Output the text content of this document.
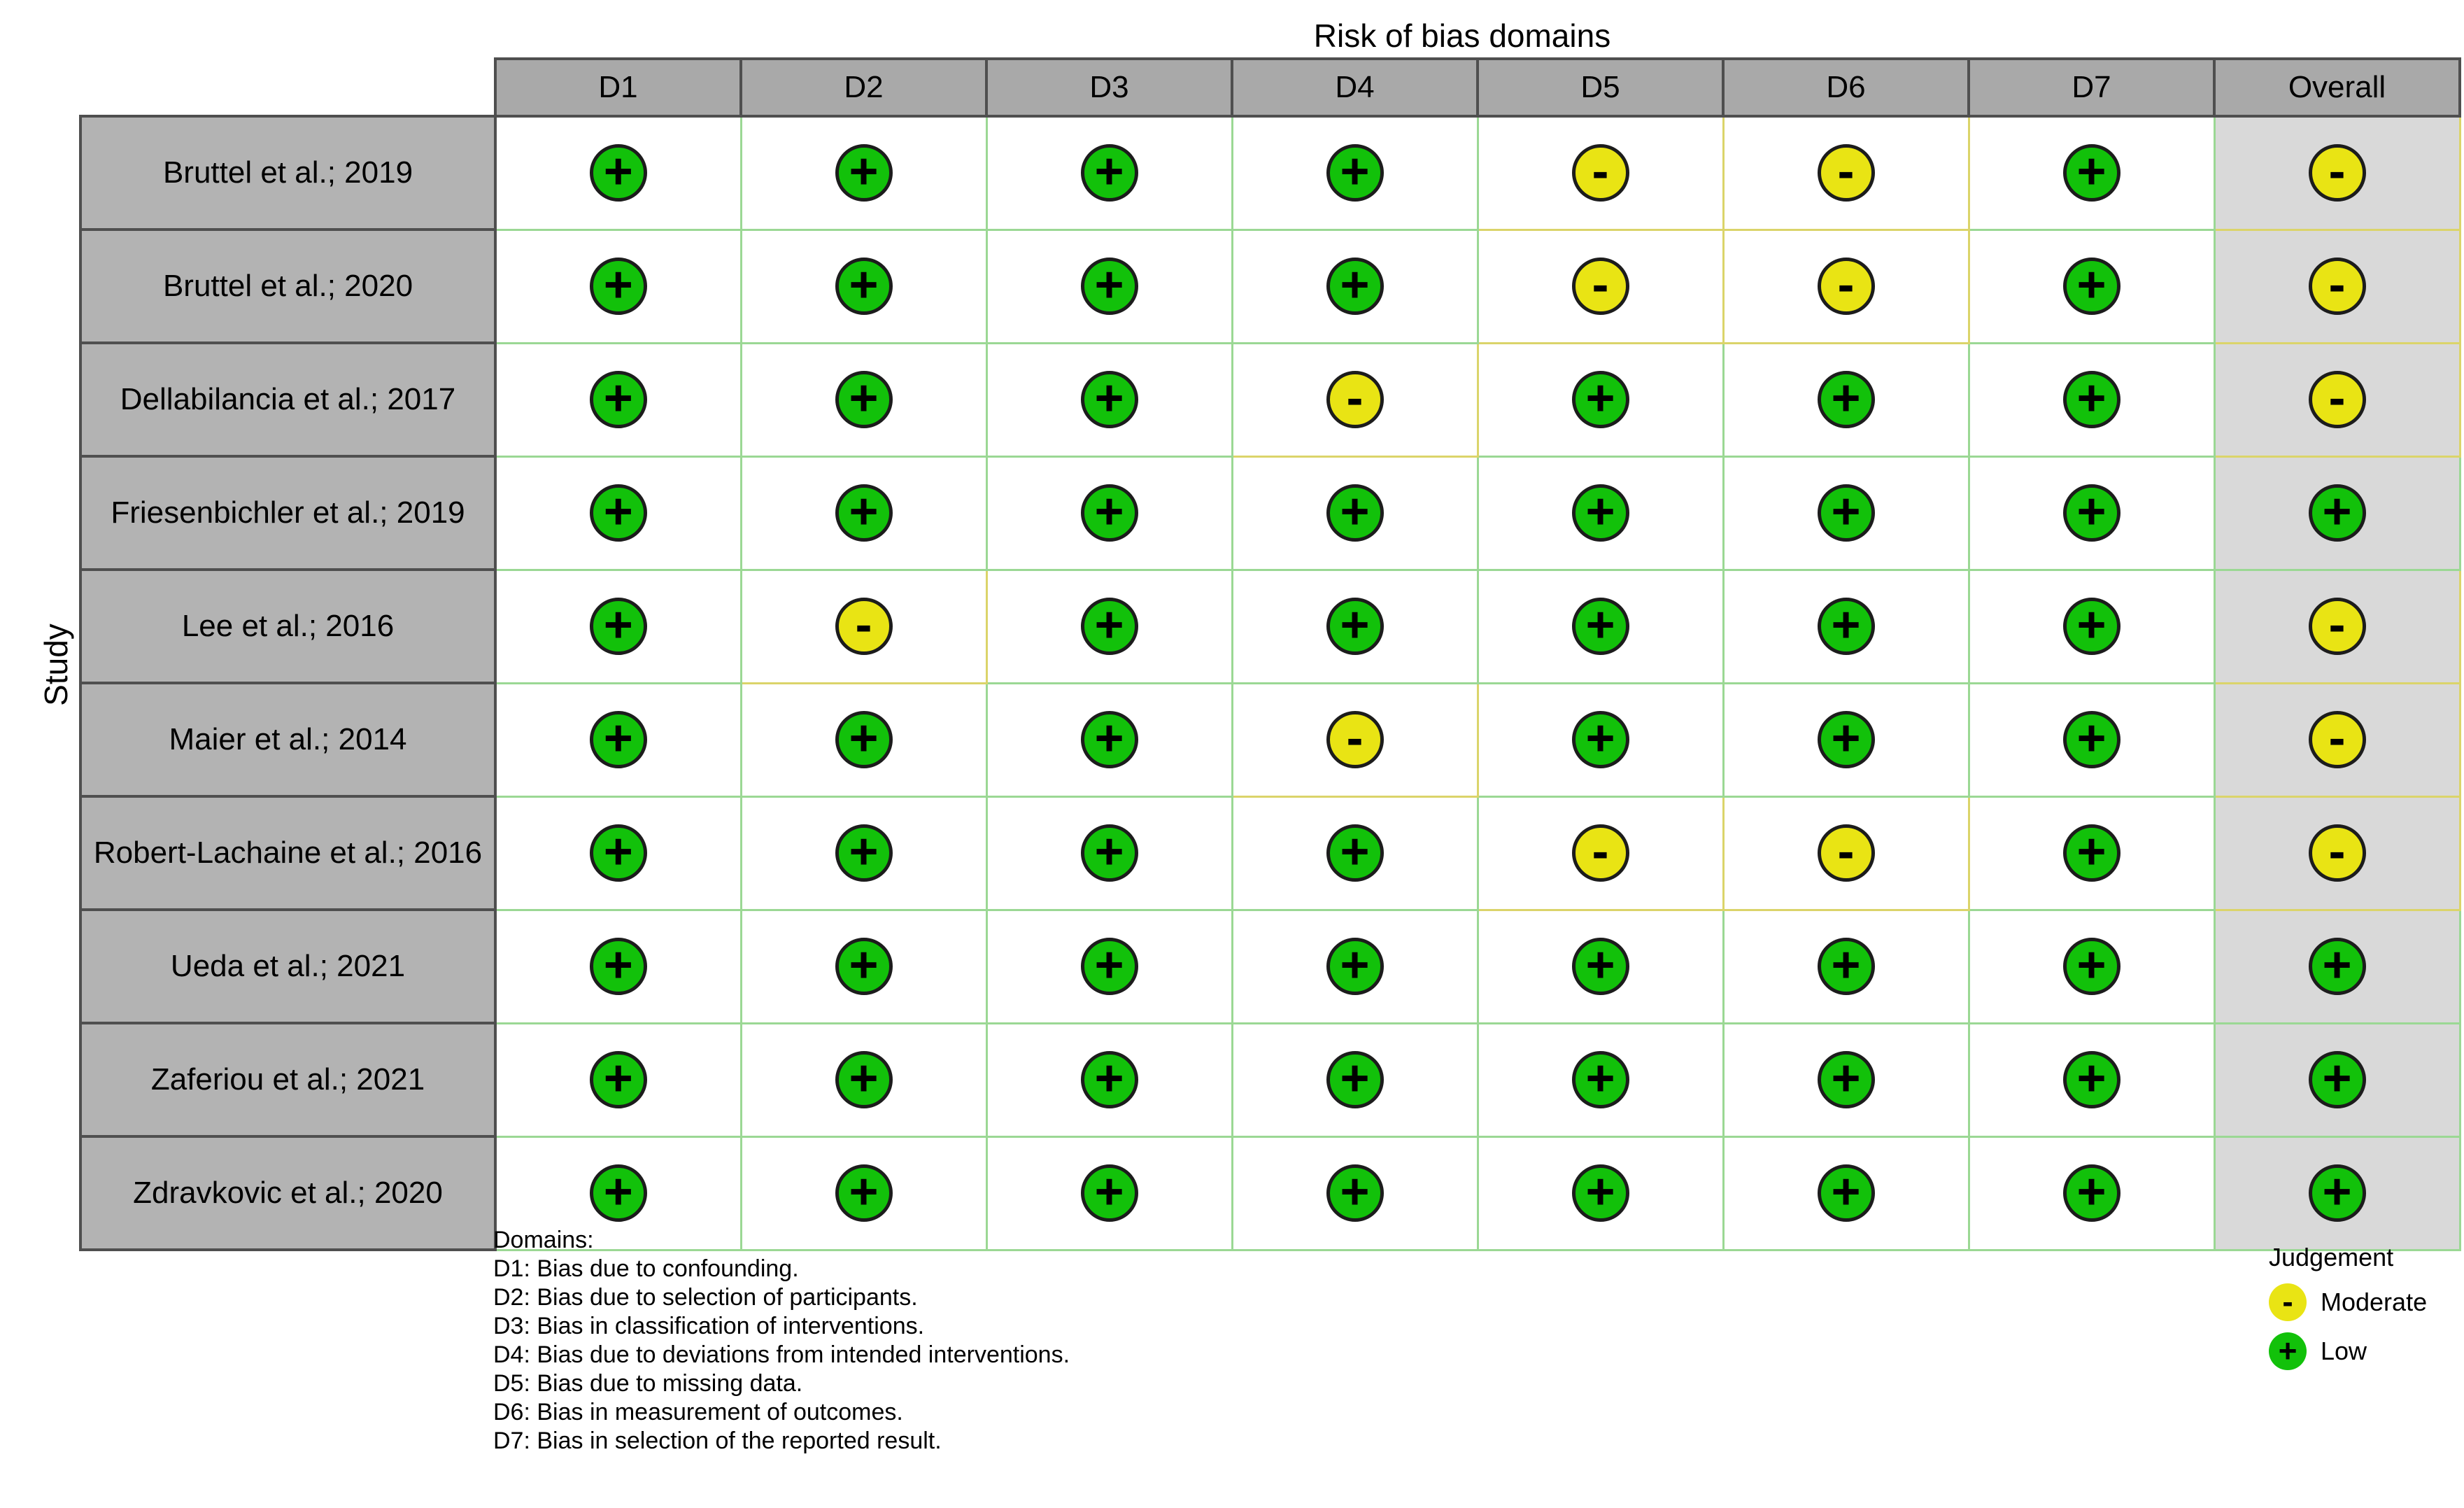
Risk of bias domains
Study
	D1	D2	D3	D4	D5	D6	D7	Overall
Bruttel et al.; 2019	+	+	+	+	-	-	+	-

Bruttel et al.; 2020	+	+	+	+	-	-	+	-

Dellabilancia et al.; 2017	+	+	+	-	+	+	+	-

Friesenbichler et al.; 2019	+	+	+	+	+	+	+	+

Lee et al.; 2016	+	-	+	+	+	+	+	-

Maier et al.; 2014	+	+	+	-	+	+	+	-

Robert-Lachaine et al.; 2016	+	+	+	+	-	-	+	-

Ueda et al.; 2021	+	+	+	+	+	+	+	+

Zaferiou et al.; 2021	+	+	+	+	+	+	+	+

Zdravkovic et al.; 2020	+	+	+	+	+	+	+	+
Domains:
D1: Bias due to confounding.
D2: Bias due to selection of participants.
D3: Bias in classification of interventions.
D4: Bias due to deviations from intended interventions.
D5: Bias due to missing data.
D6: Bias in measurement of outcomes.
D7: Bias in selection of the reported result.
Judgement
- Moderate
+ Low
